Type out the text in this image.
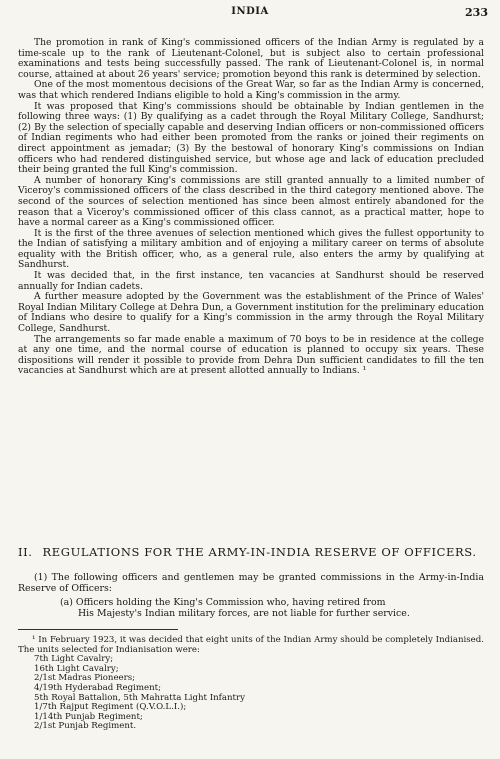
INDIA	233

The promotion in rank of King's commissioned officers of the Indian Army is regulated by a time-scale up to the rank of Lieutenant-Colonel, but is subject also to certain professional examinations and tests being successfully passed. The rank of Lieutenant-Colonel is, in normal course, attained at about 26 years' service; promotion beyond this rank is determined by selection.

One of the most momentous decisions of the Great War, so far as the Indian Army is concerned, was that which rendered Indians eligible to hold a King's commission in the army.

It was proposed that King's commissions should be obtainable by Indian gentlemen in the following three ways: (1) By qualifying as a cadet through the Royal Military College, Sandhurst; (2) By the selection of specially capable and deserving Indian officers or non-commissioned officers of Indian regiments who had either been promoted from the ranks or joined their regiments on direct appointment as jemadar; (3) By the bestowal of honorary King's commissions on Indian officers who had rendered distinguished service, but whose age and lack of education precluded their being granted the full King's commission.

A number of honorary King's commissions are still granted annually to a limited number of Viceroy's commissioned officers of the class described in the third category mentioned above. The second of the sources of selection mentioned has since been almost entirely abandoned for the reason that a Viceroy's commissioned officer of this class cannot, as a practical matter, hope to have a normal career as a King's commissioned officer.

It is the first of the three avenues of selection mentioned which gives the fullest opportunity to the Indian of satisfying a military ambition and of enjoying a military career on terms of absolute equality with the British officer, who, as a general rule, also enters the army by qualifying at Sandhurst.

It was decided that, in the first instance, ten vacancies at Sandhurst should be reserved annually for Indian cadets.

A further measure adopted by the Government was the establishment of the Prince of Wales' Royal Indian Military College at Dehra Dun, a Government institution for the preliminary education of Indians who desire to qualify for a King's commission in the army through the Royal Military College, Sandhurst.

The arrangements so far made enable a maximum of 70 boys to be in residence at the college at any one time, and the normal course of education is planned to occupy six years. These dispositions will render it possible to provide from Dehra Dun sufficient candidates to fill the ten vacancies at Sandhurst which are at present allotted annually to Indians. ¹

II. REGULATIONS FOR THE ARMY-IN-INDIA RESERVE OF OFFICERS.

(1) The following officers and gentlemen may be granted commissions in the Army-in-India Reserve of Officers:

(a) Officers holding the King's Commission who, having retired from
His Majesty's Indian military forces, are not liable for further service.

¹ In February 1923, it was decided that eight units of the Indian Army should be completely Indianised. The units selected for Indianisation were:

7th Light Cavalry;
16th Light Cavalry;
2/1st Madras Pioneers;
4/19th Hyderabad Regiment;
5th Royal Battalion, 5th Mahratta Light Infantry
1/7th Rajput Regiment (Q.V.O.L.I.);
1/14th Punjab Regiment;
2/1st Punjab Regiment.
